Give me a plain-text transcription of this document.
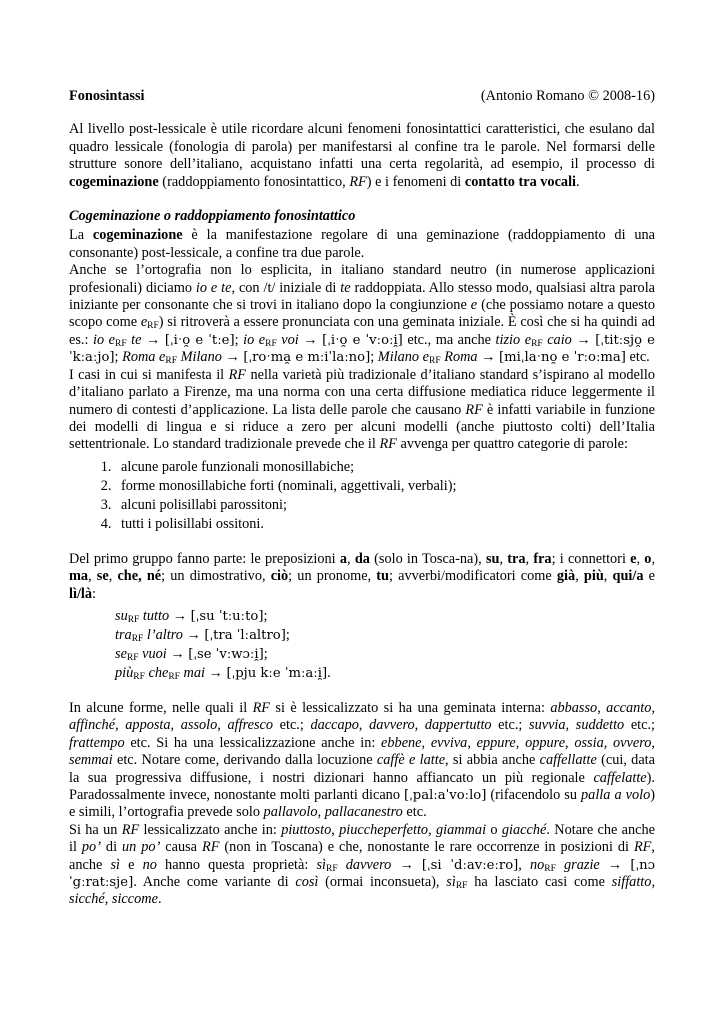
Fonosintassi	(Antonio Romano © 2008-16)

Al livello post-lessicale è utile ricordare alcuni fenomeni fonosintattici caratteristici, che esulano dal quadro lessicale (fonologia di parola) per manifestarsi al confine tra le parole. Nel formarsi delle strutture sonore dell’italiano, acquistano infatti una certa regolarità, ad esempio, il processo di cogeminazione (raddoppiamento fonosintattico, RF) e i fenomeni di contatto tra vocali.

Cogeminazione o raddoppiamento fonosintattico

La cogeminazione è la manifestazione regolare di una geminazione (raddoppiamento di una consonante) post-lessicale, a confine tra due parole.

Anche se l’ortografia non lo esplicita, in italiano standard neutro (in numerose applicazioni profesionali) diciamo io e te, con /t/ iniziale di te raddoppiata. Allo stesso modo, qualsiasi altra parola iniziante per consonante che si trovi in italiano dopo la congiunzione e (che possiamo notare a questo scopo come $e_{RF}$) si ritroverà a essere pronunciata con una geminata iniziale. È così che si ha quindi ad es.: io $e_{RF}$ te → [ˌiˑo̯ e ˈtːe]; io $e_{RF}$ voi → [ˌiˑo̯ e ˈvːoːi̯] etc., ma anche tizio $e_{RF}$ caio → [ˌtitːsjo̯ e ˈkːaːjo]; Roma $e_{RF}$ Milano → [ˌroˑma̯ e mːiˈlaːno]; Milano $e_{RF}$ Roma → [miˌlaˑno̯ e ˈrːoːma] etc.

I casi in cui si manifesta il RF nella varietà più tradizionale d’italiano standard s’ispirano al modello d’italiano parlato a Firenze, ma una norma con una certa diffusione mediatica riduce leggermente il numero di contesti d’applicazione. La lista delle parole che causano RF è infatti variabile in funzione dei modelli di lingua e si riduce a zero per alcuni modelli (anche piuttosto colti) dell’Italia settentrionale. Lo standard tradizionale prevede che il RF avvenga per quattro categorie di parole:

1. alcune parole funzionali monosillabiche;
2. forme monosillabiche forti (nominali, aggettivali, verbali);
3. alcuni polisillabi parossitoni;
4. tutti i polisillabi ossitoni.

Del primo gruppo fanno parte: le preposizioni a, da (solo in Tosca-na), su, tra, fra; i connettori e, o, ma, se, che, né; un dimostrativo, ciò; un pronome, tu; avverbi/modificatori come già, più, qui/a e lì/là:

$su_{RF}$ tutto → [ˌsu ˈtːuːto];
tra$_{RF}$ l’altro → [ˌtra ˈlːaltro];
$se_{RF}$ vuoi → [ˌse ˈvːwɔːi̯];
più$_{RF}$ che$_{RF}$ mai → [ˌpju kːe ˈmːaːi̯].

In alcune forme, nelle quali il RF si è lessicalizzato si ha una geminata interna: abbasso, accanto, affinché, apposta, assolo, affresco etc.; daccapo, davvero, dappertutto etc.; suvvia, suddetto etc.; frattempo etc. Si ha una lessicalizzazione anche in: ebbene, evviva, eppure, oppure, ossia, ovvero, semmai etc. Notare come, derivando dalla locuzione caffè e latte, si abbia anche caffellatte (cui, data la sua progressiva diffusione, i nostri dizionari hanno affiancato un più regionale caffelatte). Paradossalmente invece, nonostante molti parlanti dicano [ˌpalːaˈvoːlo] (rifacendolo su palla a volo) e simili, l’ortografia prevede solo pallavolo, pallacanestro etc.

Si ha un RF lessicalizzato anche in: piuttosto, piuccheperfetto, giammai o giacché. Notare che anche il po’ di un po’ causa RF (non in Toscana) e che, nonostante le rare occorrenze in posizioni di RF, anche sì e no hanno questa proprietà: $sì_{RF}$ davvero → [ˌsi ˈdːavːeːro], $no_{RF}$ grazie → [ˌnɔ ˈgːratːsje]. Anche come variante di così (ormai inconsueta), $sì_{RF}$ ha lasciato casi come siffatto, sicché, siccome.
